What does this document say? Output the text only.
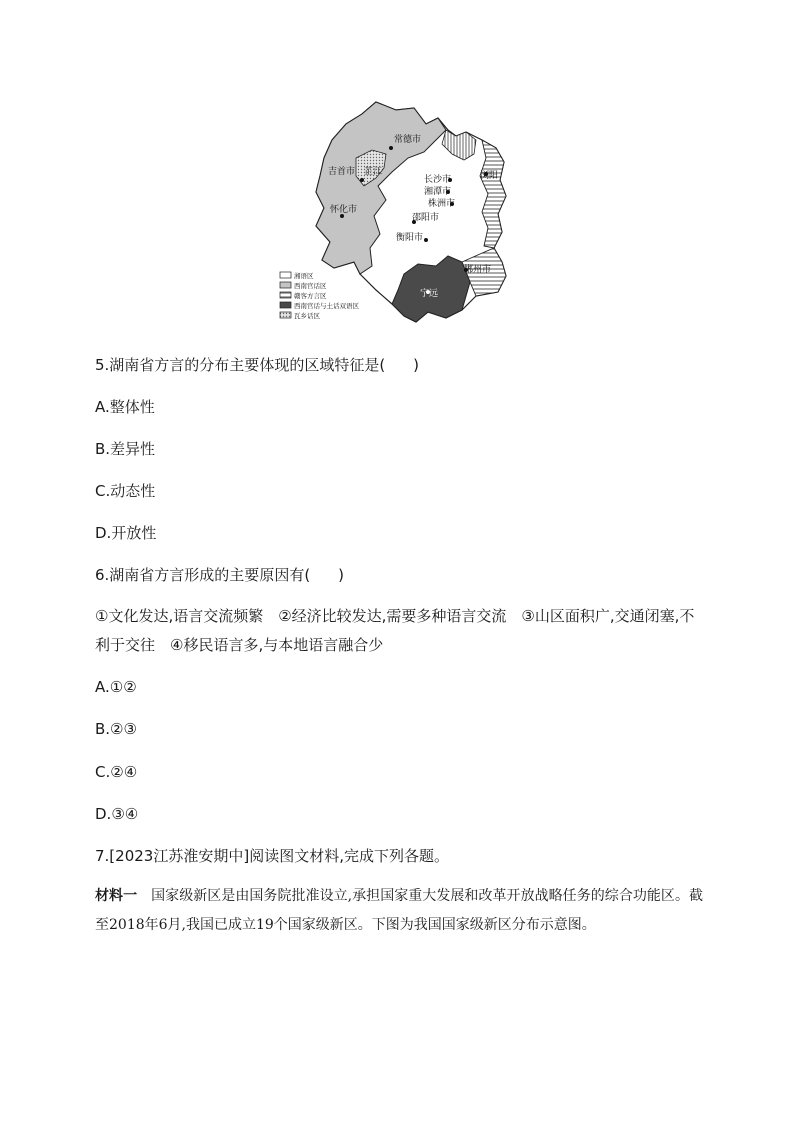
常德市
吉首市 芷江
怀化市
长沙市
湘潭市
株洲市
浏阳
邵阳市
衡阳市
郴州市
宁远
湘语区
西南官话区
赣客方言区
西南官话与土话双语区
瓦乡话区
5.湖南省方言的分布主要体现的区域特征是( )
A.整体性
B.差异性
C.动态性
D.开放性
6.湖南省方言形成的主要原因有( )
①文化发达,语言交流频繁　②经济比较发达,需要多种语言交流　③山区面积广,交通闭塞,不利于交往　④移民语言多,与本地语言融合少
A.①②
B.②③
C.②④
D.③④
7.[2023江苏淮安期中]阅读图文材料,完成下列各题。
材料一 国家级新区是由国务院批准设立,承担国家重大发展和改革开放战略任务的综合功能区。截至2018年6月,我国已成立19个国家级新区。下图为我国国家级新区分布示意图。
